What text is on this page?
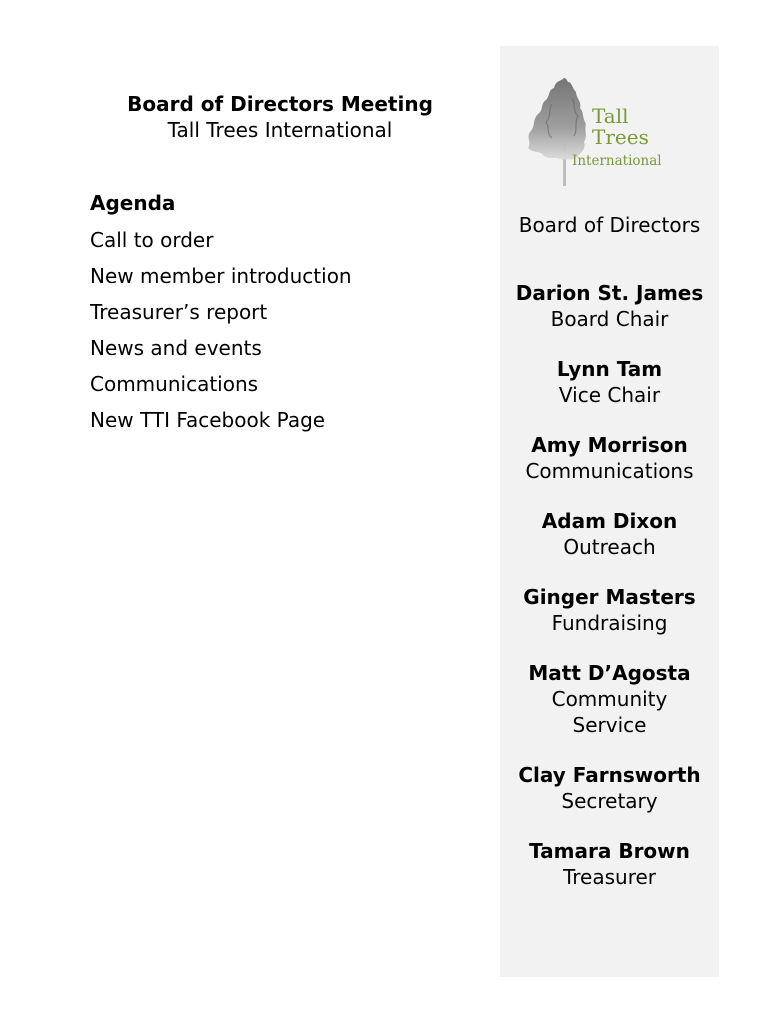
Board of Directors Meeting
Tall Trees International
Agenda
Call to order
New member introduction
Treasurer’s report
News and events
Communications
New TTI Facebook Page
Tall
Trees
International
Board of Directors
Darion St. James
Board Chair
Lynn Tam
Vice Chair
Amy Morrison
Communications
Adam Dixon
Outreach
Ginger Masters
Fundraising
Matt D’Agosta
Community Service
Clay Farnsworth
Secretary
Tamara Brown
Treasurer
